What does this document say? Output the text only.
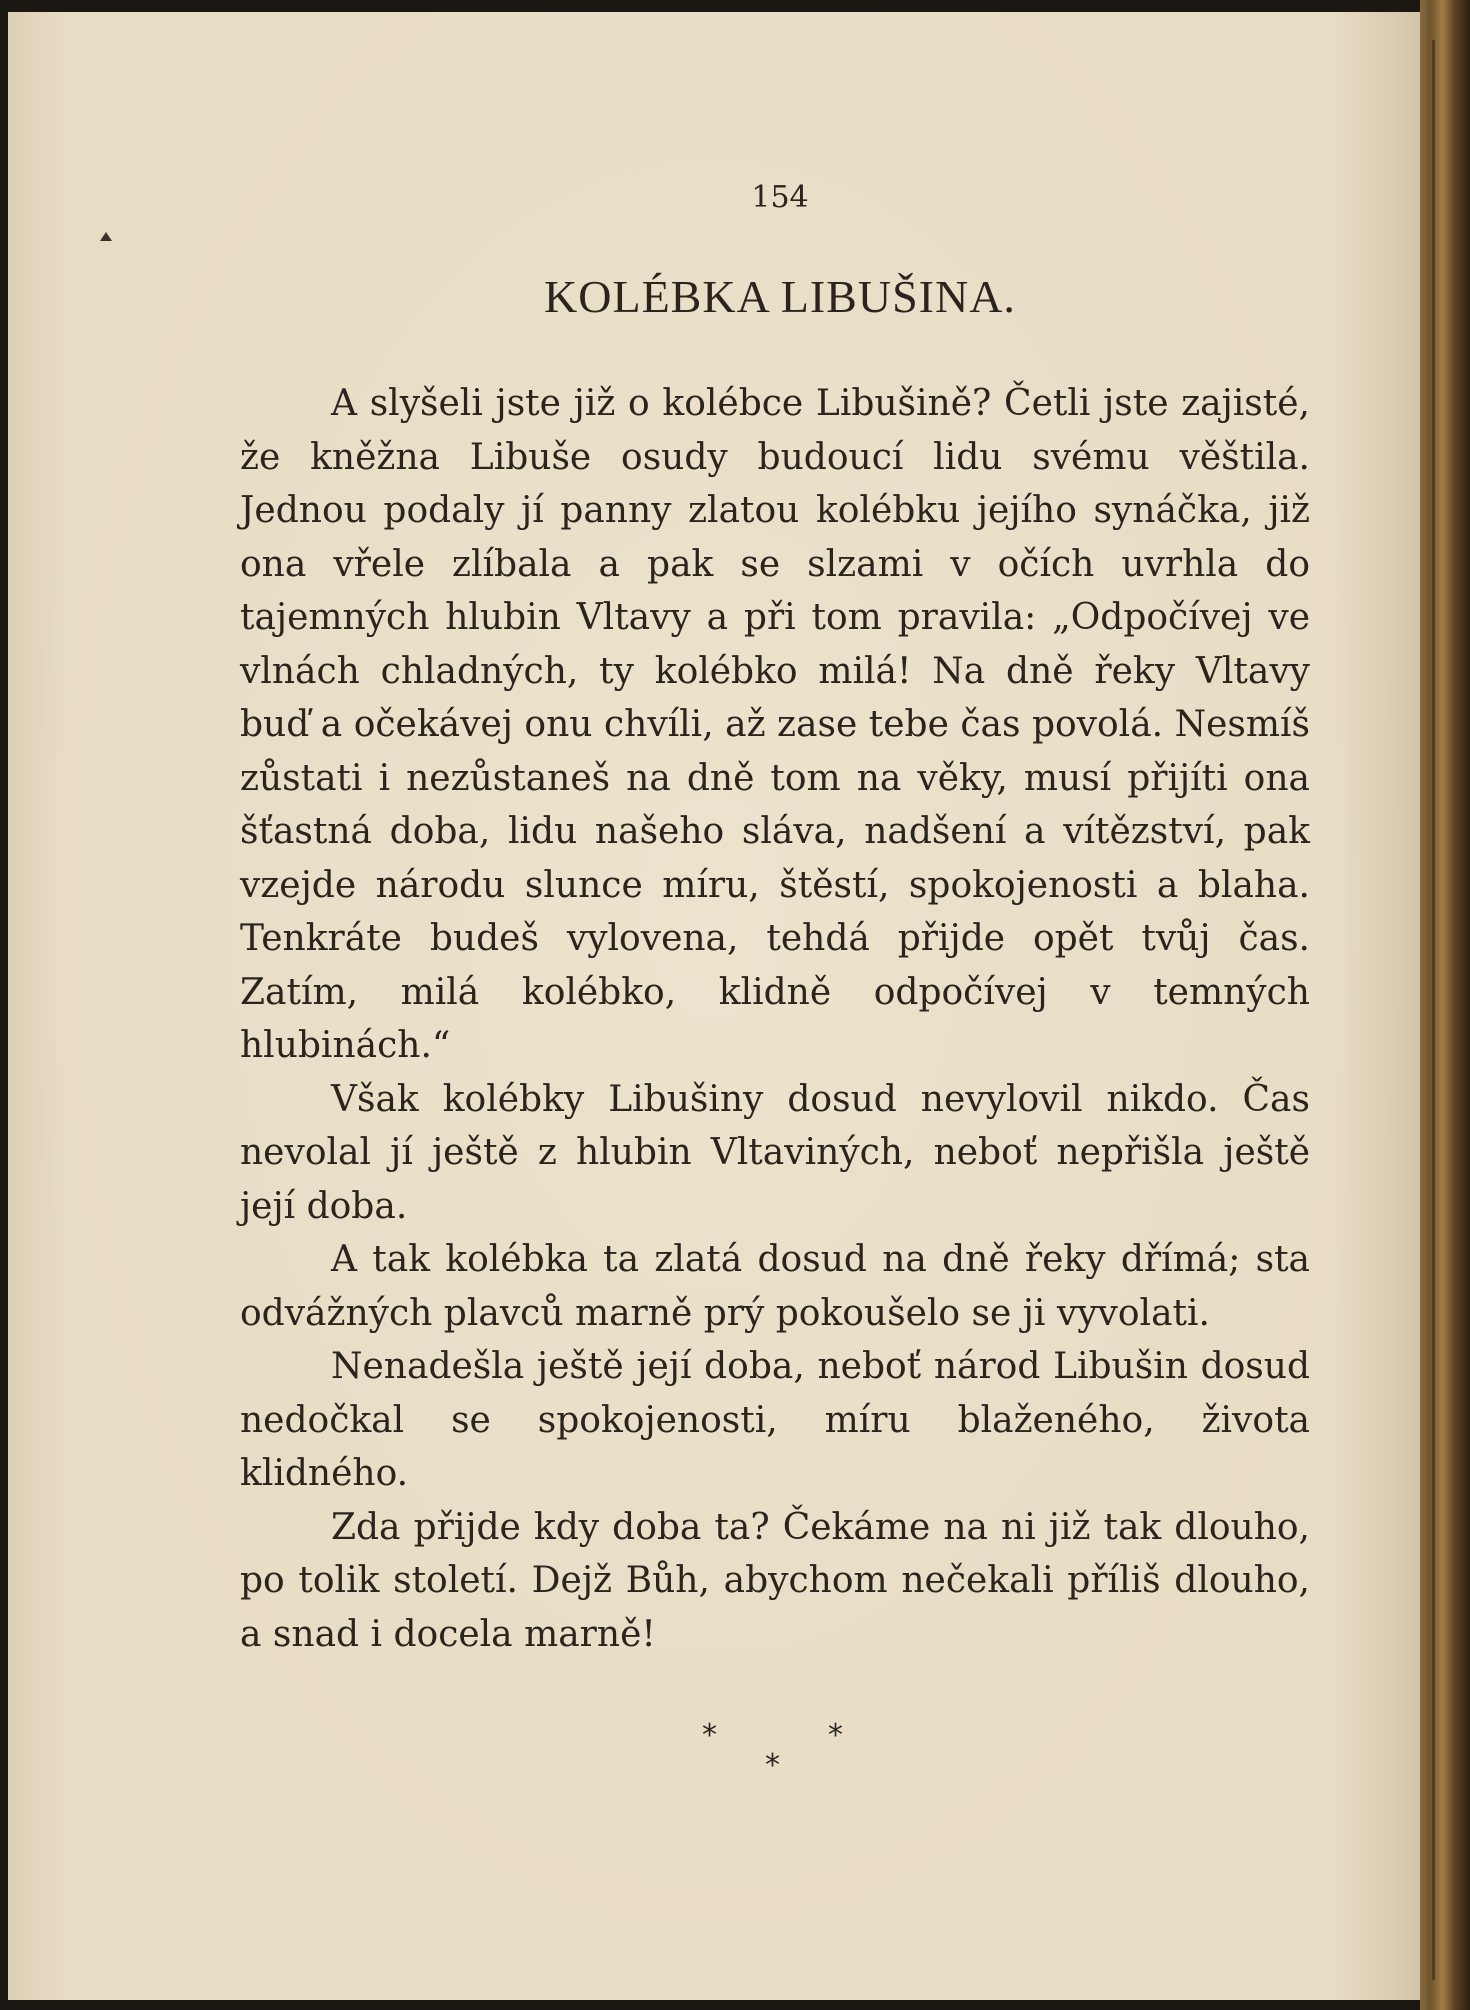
154
KOLÉBKA LIBUŠINA.

A slyšeli jste již o kolébce Libušině? Četli jste zajisté, že kněžna Libuše osudy budoucí lidu svému věštila. Jednou podaly jí panny zlatou kolébku jejího synáčka, již ona vřele zlíbala a pak se slzami v očích uvrhla do tajemných hlubin Vltavy a při tom pravila: „Odpočívej ve vlnách chladných, ty kolébko milá! Na dně řeky Vltavy buď a očekávej onu chvíli, až zase tebe čas povolá. Nesmíš zůstati i nezůstaneš na dně tom na věky, musí přijíti ona šťastná doba, lidu našeho sláva, nadšení a vítězství, pak vzejde národu slunce míru, štěstí, spokojenosti a blaha. Tenkráte budeš vylovena, tehdá přijde opět tvůj čas. Zatím, milá kolébko, klidně odpočívej v temných hlubinách.“

Však kolébky Libušiny dosud nevylovil nikdo. Čas nevolal jí ještě z hlubin Vltaviných, neboť nepřišla ještě její doba.

A tak kolébka ta zlatá dosud na dně řeky dřímá; sta odvážných plavců marně prý pokoušelo se ji vyvolati.

Nenadešla ještě její doba, neboť národ Libušin dosud nedočkal se spokojenosti, míru blaženého, života klidného.

Zda přijde kdy doba ta? Čekáme na ni již tak dlouho, po tolik století. Dejž Bůh, abychom nečekali příliš dlouho, a snad i docela marně!

*	*
*
